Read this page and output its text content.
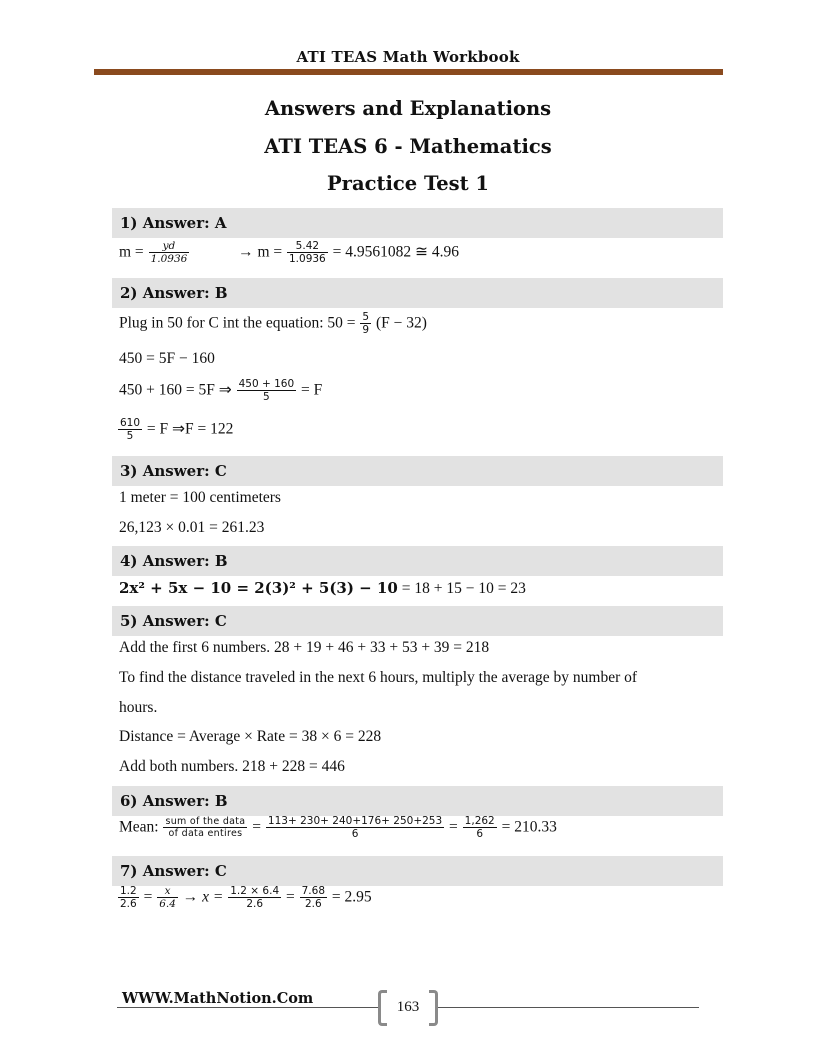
ATI TEAS Math Workbook
Answers and Explanations
ATI TEAS 6 - Mathematics
Practice Test 1
1) Answer: A
$m = \frac{yd}{1.0936}$	→ $m = \frac{5.42}{1.0936} = 4.9561082$ ≅ 4.96
2) Answer: B
Plug in 50 for C int the equation: $50 = \frac{5}{9} (F - 32)$
450 = 5F − 160
450 + 160 = 5F ⇒ $\frac{450 + 160}{5} = F$
$\frac{610}{5} = F$ ⇒F = 122
3) Answer: C
1 meter = 100 centimeters
26,123 × 0.01 = 261.23
4) Answer: B
2x² + 5x − 10 = 2(3)² + 5(3) − 10 = 18 + 15 − 10 = 23
5) Answer: C
Add the first 6 numbers. 28 + 19 + 46 + 33 + 53 + 39 = 218
To find the distance traveled in the next 6 hours, multiply the average by number of
hours.
Distance = Average × Rate = 38 × 6 = 228
Add both numbers. 218 + 228 = 446
6) Answer: B
Mean: $\frac{\text{sum of the data}}{\text{of data entires}} = \frac{113+ 230+ 240+176+ 250+253}{6} = \frac{1,262}{6} = 210.33$
7) Answer: C
$\frac{1.2}{2.6} = \frac{x}{6.4} \to x = \frac{1.2 \times 6.4}{2.6} = \frac{7.68}{2.6} = 2.95$
WWW.MathNotion.Com	163
